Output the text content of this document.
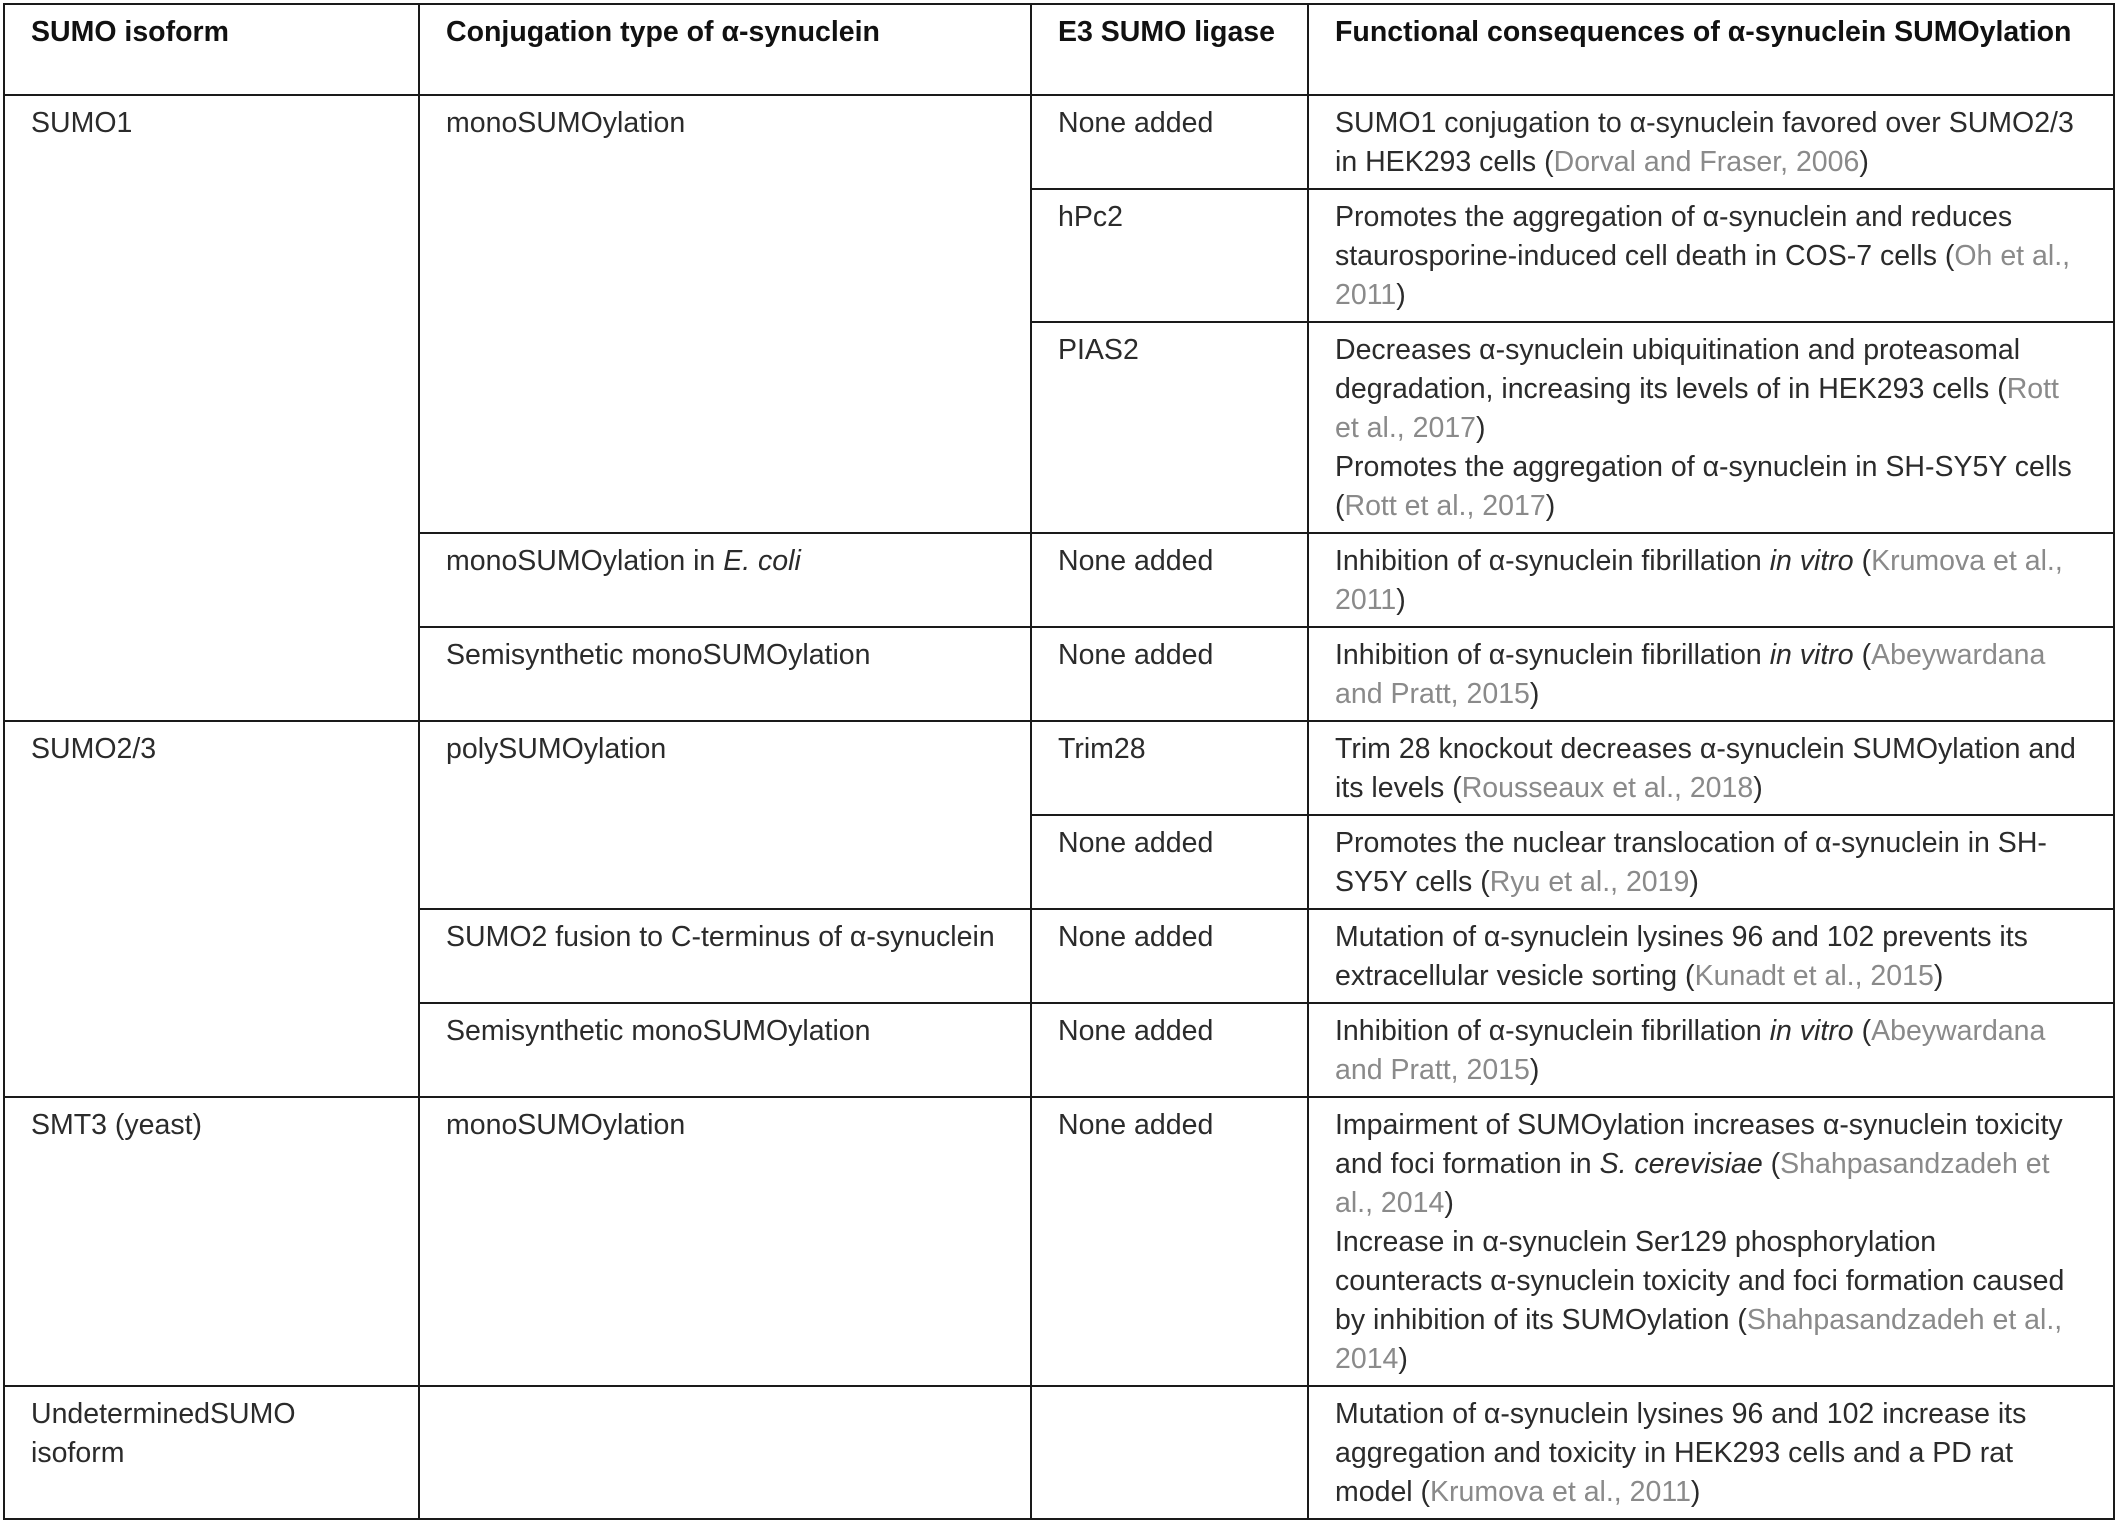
SUMO isoform	Conjugation type of α-synuclein	E3 SUMO ligase	Functional consequences of α-synuclein SUMOylation
SUMO1	monoSUMOylation	None added	SUMO1 conjugation to α-synuclein favored over SUMO2/3 in HEK293 cells (Dorval and Fraser, 2006)
		hPc2	Promotes the aggregation of α-synuclein and reduces staurosporine-induced cell death in COS-7 cells (Oh et al., 2011)
		PIAS2	Decreases α-synuclein ubiquitination and proteasomal degradation, increasing its levels of in HEK293 cells (Rott et al., 2017)
Promotes the aggregation of α-synuclein in SH-SY5Y cells (Rott et al., 2017)

	monoSUMOylation in E. coli	None added	Inhibition of α-synuclein fibrillation in vitro (Krumova et al., 2011)
	Semisynthetic monoSUMOylation	None added	Inhibition of α-synuclein fibrillation in vitro (Abeywardana and Pratt, 2015)
SUMO2/3	polySUMOylation	Trim28	Trim 28 knockout decreases α-synuclein SUMOylation and its levels (Rousseaux et al., 2018)
		None added	Promotes the nuclear translocation of α-synuclein in SH-SY5Y cells (Ryu et al., 2019)
	SUMO2 fusion to C-terminus of α-synuclein	None added	Mutation of α-synuclein lysines 96 and 102 prevents its extracellular vesicle sorting (Kunadt et al., 2015)
	Semisynthetic monoSUMOylation	None added	Inhibition of α-synuclein fibrillation in vitro (Abeywardana and Pratt, 2015)
SMT3 (yeast)	monoSUMOylation	None added	Impairment of SUMOylation increases α-synuclein toxicity and foci formation in S. cerevisiae (Shahpasandzadeh et al., 2014)
Increase in α-synuclein Ser129 phosphorylation counteracts α-synuclein toxicity and foci formation caused by inhibition of its SUMOylation (Shahpasandzadeh et al., 2014)

UndeterminedSUMO isoform			Mutation of α-synuclein lysines 96 and 102 increase its aggregation and toxicity in HEK293 cells and a PD rat model (Krumova et al., 2011)
